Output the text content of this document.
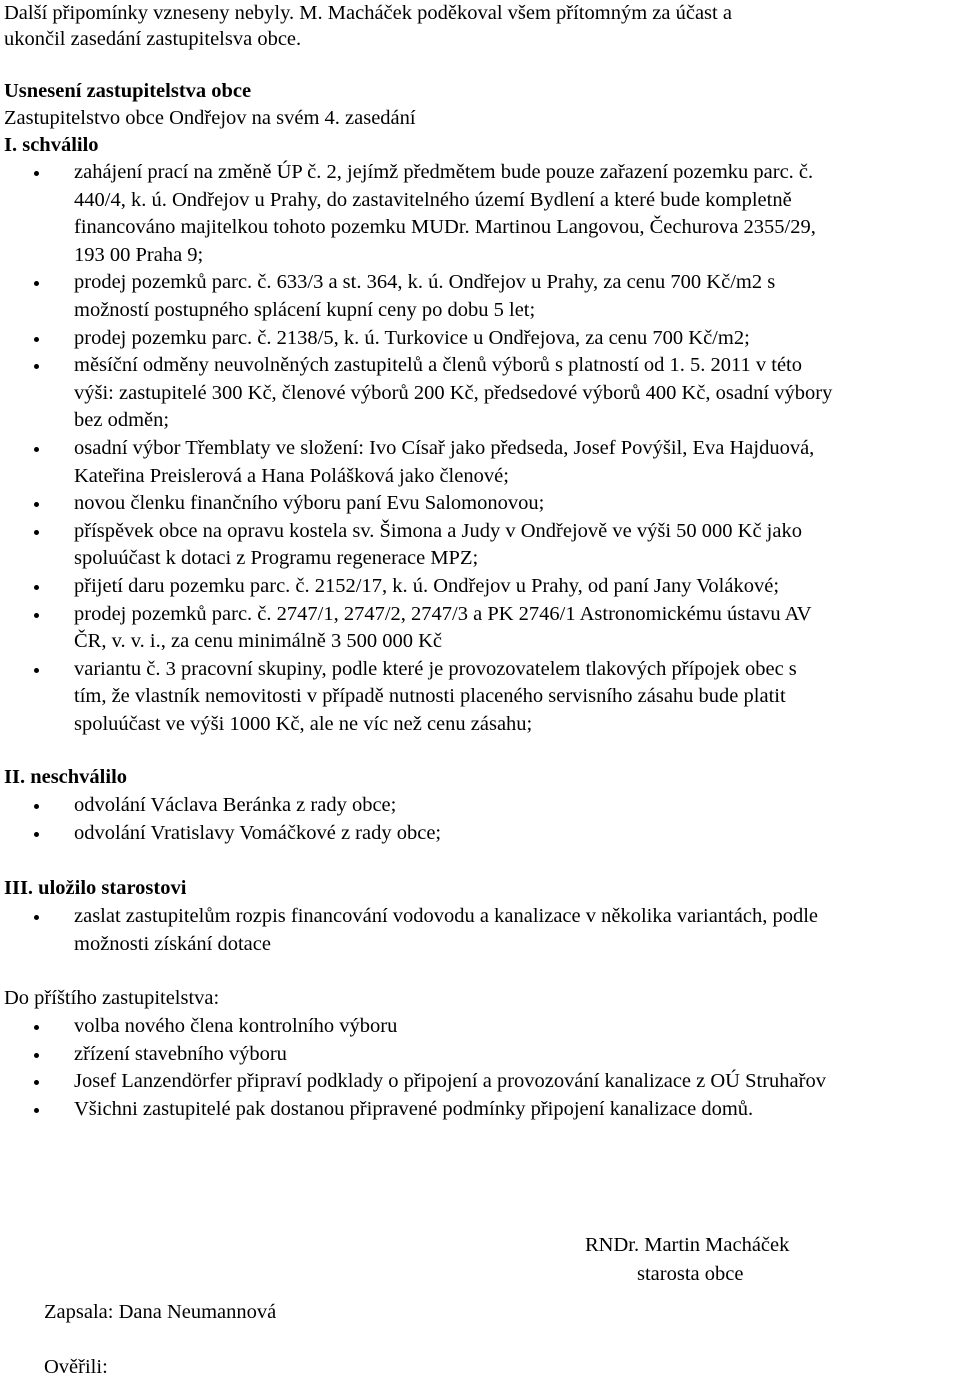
Další připomínky vzneseny nebyly. M. Macháček poděkoval všem přítomným za účast a
ukončil zasedání zastupitelsva obce.
Usnesení zastupitelstva obce
Zastupitelstvo obce Ondřejov na svém 4. zasedání
I. schválilo
zahájení prací na změně ÚP č. 2, jejímž předmětem bude pouze zařazení pozemku parc. č.
440/4, k. ú. Ondřejov u Prahy, do zastavitelného území Bydlení a které bude kompletně
financováno majitelkou tohoto pozemku MUDr. Martinou Langovou, Čechurova 2355/29,
193 00 Praha 9;
prodej pozemků parc. č. 633/3 a st. 364, k. ú. Ondřejov u Prahy, za cenu 700 Kč/m2 s
možností postupného splácení kupní ceny po dobu 5 let;
prodej pozemku parc. č. 2138/5, k. ú. Turkovice u Ondřejova, za cenu 700 Kč/m2;
měsíční odměny neuvolněných zastupitelů a členů výborů s platností od 1. 5. 2011 v této
výši: zastupitelé 300 Kč, členové výborů 200 Kč, předsedové výborů 400 Kč, osadní výbory
bez odměn;
osadní výbor Třemblaty ve složení: Ivo Císař jako předseda, Josef Povýšil, Eva Hajduová,
Kateřina Preislerová a Hana Polášková jako členové;
novou členku finančního výboru paní Evu Salomonovou;
příspěvek obce na opravu kostela sv. Šimona a Judy v Ondřejově ve výši 50 000 Kč jako
spoluúčast k dotaci z Programu regenerace MPZ;
přijetí daru pozemku parc. č. 2152/17, k. ú. Ondřejov u Prahy, od paní Jany Volákové;
prodej pozemků parc. č. 2747/1, 2747/2, 2747/3 a PK 2746/1 Astronomickému ústavu AV
ČR, v. v. i., za cenu minimálně 3 500 000 Kč
variantu č. 3 pracovní skupiny, podle které je provozovatelem tlakových přípojek obec s
tím, že vlastník nemovitosti v případě nutnosti placeného servisního zásahu bude platit
spoluúčast ve výši 1000 Kč, ale ne víc než cenu zásahu;
II. neschválilo
odvolání Václava Beránka z rady obce;
odvolání Vratislavy Vomáčkové z rady obce;
III. uložilo starostovi
zaslat zastupitelům rozpis financování vodovodu a kanalizace v několika variantách, podle
možnosti získání dotace
Do příštího zastupitelstva:
volba nového člena kontrolního výboru
zřízení stavebního výboru
Josef Lanzendörfer připraví podklady o připojení a provozování kanalizace z OÚ Struhařov
Všichni zastupitelé pak dostanou připravené podmínky připojení kanalizace domů.
RNDr. Martin Macháček
starosta obce
Zapsala: Dana Neumannová
Ověřili:
